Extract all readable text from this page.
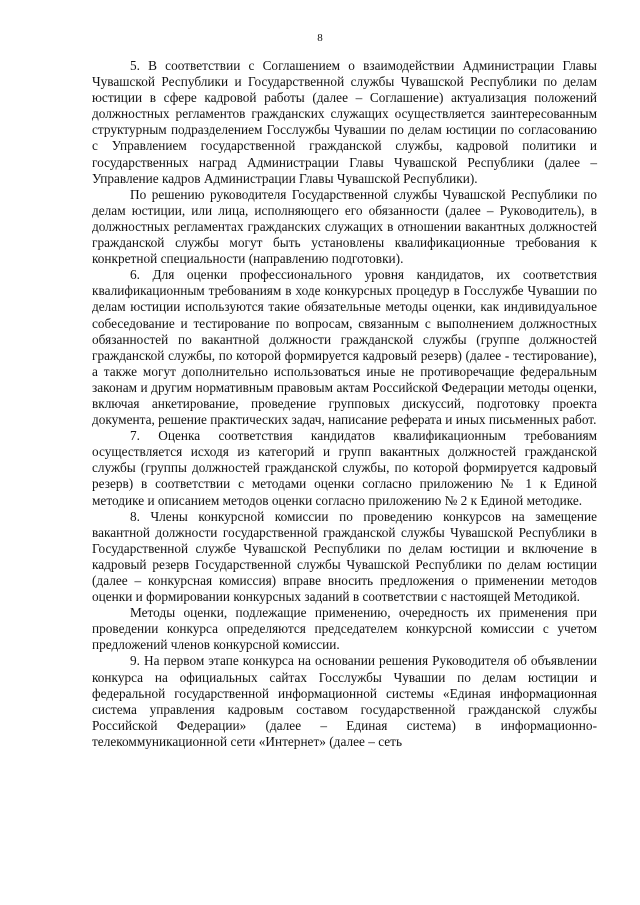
8

5. В соответствии с Соглашением о взаимодействии Администрации Главы Чувашской Республики и Государственной службы Чувашской Республики по делам юстиции в сфере кадровой работы (далее – Соглашение) актуализация положений должностных регламентов гражданских служащих осуществляется заинтересованным структурным подразделением Госслужбы Чувашии по делам юстиции по согласованию с Управлением государственной гражданской службы, кадровой политики и государственных наград Администрации Главы Чувашской Республики (далее – Управление кадров Администрации Главы Чувашской Республики).

По решению руководителя Государственной службы Чувашской Республики по делам юстиции, или лица, исполняющего его обязанности (далее – Руководитель), в должностных регламентах гражданских служащих в отношении вакантных должностей гражданской службы могут быть установлены квалификационные требования к конкретной специальности (направлению подготовки).

6. Для оценки профессионального уровня кандидатов, их соответствия квалификационным требованиям в ходе конкурсных процедур в Госслужбе Чувашии по делам юстиции используются такие обязательные методы оценки, как индивидуальное собеседование и тестирование по вопросам, связанным с выполнением должностных обязанностей по вакантной должности гражданской службы (группе должностей гражданской службы, по которой формируется кадровый резерв) (далее - тестирование), а также могут дополнительно использоваться иные не противоречащие федеральным законам и другим нормативным правовым актам Российской Федерации методы оценки, включая анкетирование, проведение групповых дискуссий, подготовку проекта документа, решение практических задач, написание реферата и иных письменных работ.

7. Оценка соответствия кандидатов квалификационным требованиям осуществляется исходя из категорий и групп вакантных должностей гражданской службы (группы должностей гражданской службы, по которой формируется кадровый резерв) в соответствии с методами оценки согласно приложению № 1 к Единой методике и описанием методов оценки согласно приложению № 2 к Единой методике.

8. Члены конкурсной комиссии по проведению конкурсов на замещение вакантной должности государственной гражданской службы Чувашской Республики в Государственной службе Чувашской Республики по делам юстиции и включение в кадровый резерв Государственной службы Чувашской Республики по делам юстиции (далее – конкурсная комиссия) вправе вносить предложения о применении методов оценки и формировании конкурсных заданий в соответствии с настоящей Методикой.

Методы оценки, подлежащие применению, очередность их применения при проведении конкурса определяются председателем конкурсной комиссии с учетом предложений членов конкурсной комиссии.

9. На первом этапе конкурса на основании решения Руководителя об объявлении конкурса на официальных сайтах Госслужбы Чувашии по делам юстиции и федеральной государственной информационной системы «Единая информационная система управления кадровым составом государственной гражданской службы Российской Федерации» (далее – Единая система) в информационно-телекоммуникационной сети «Интернет» (далее – сеть
